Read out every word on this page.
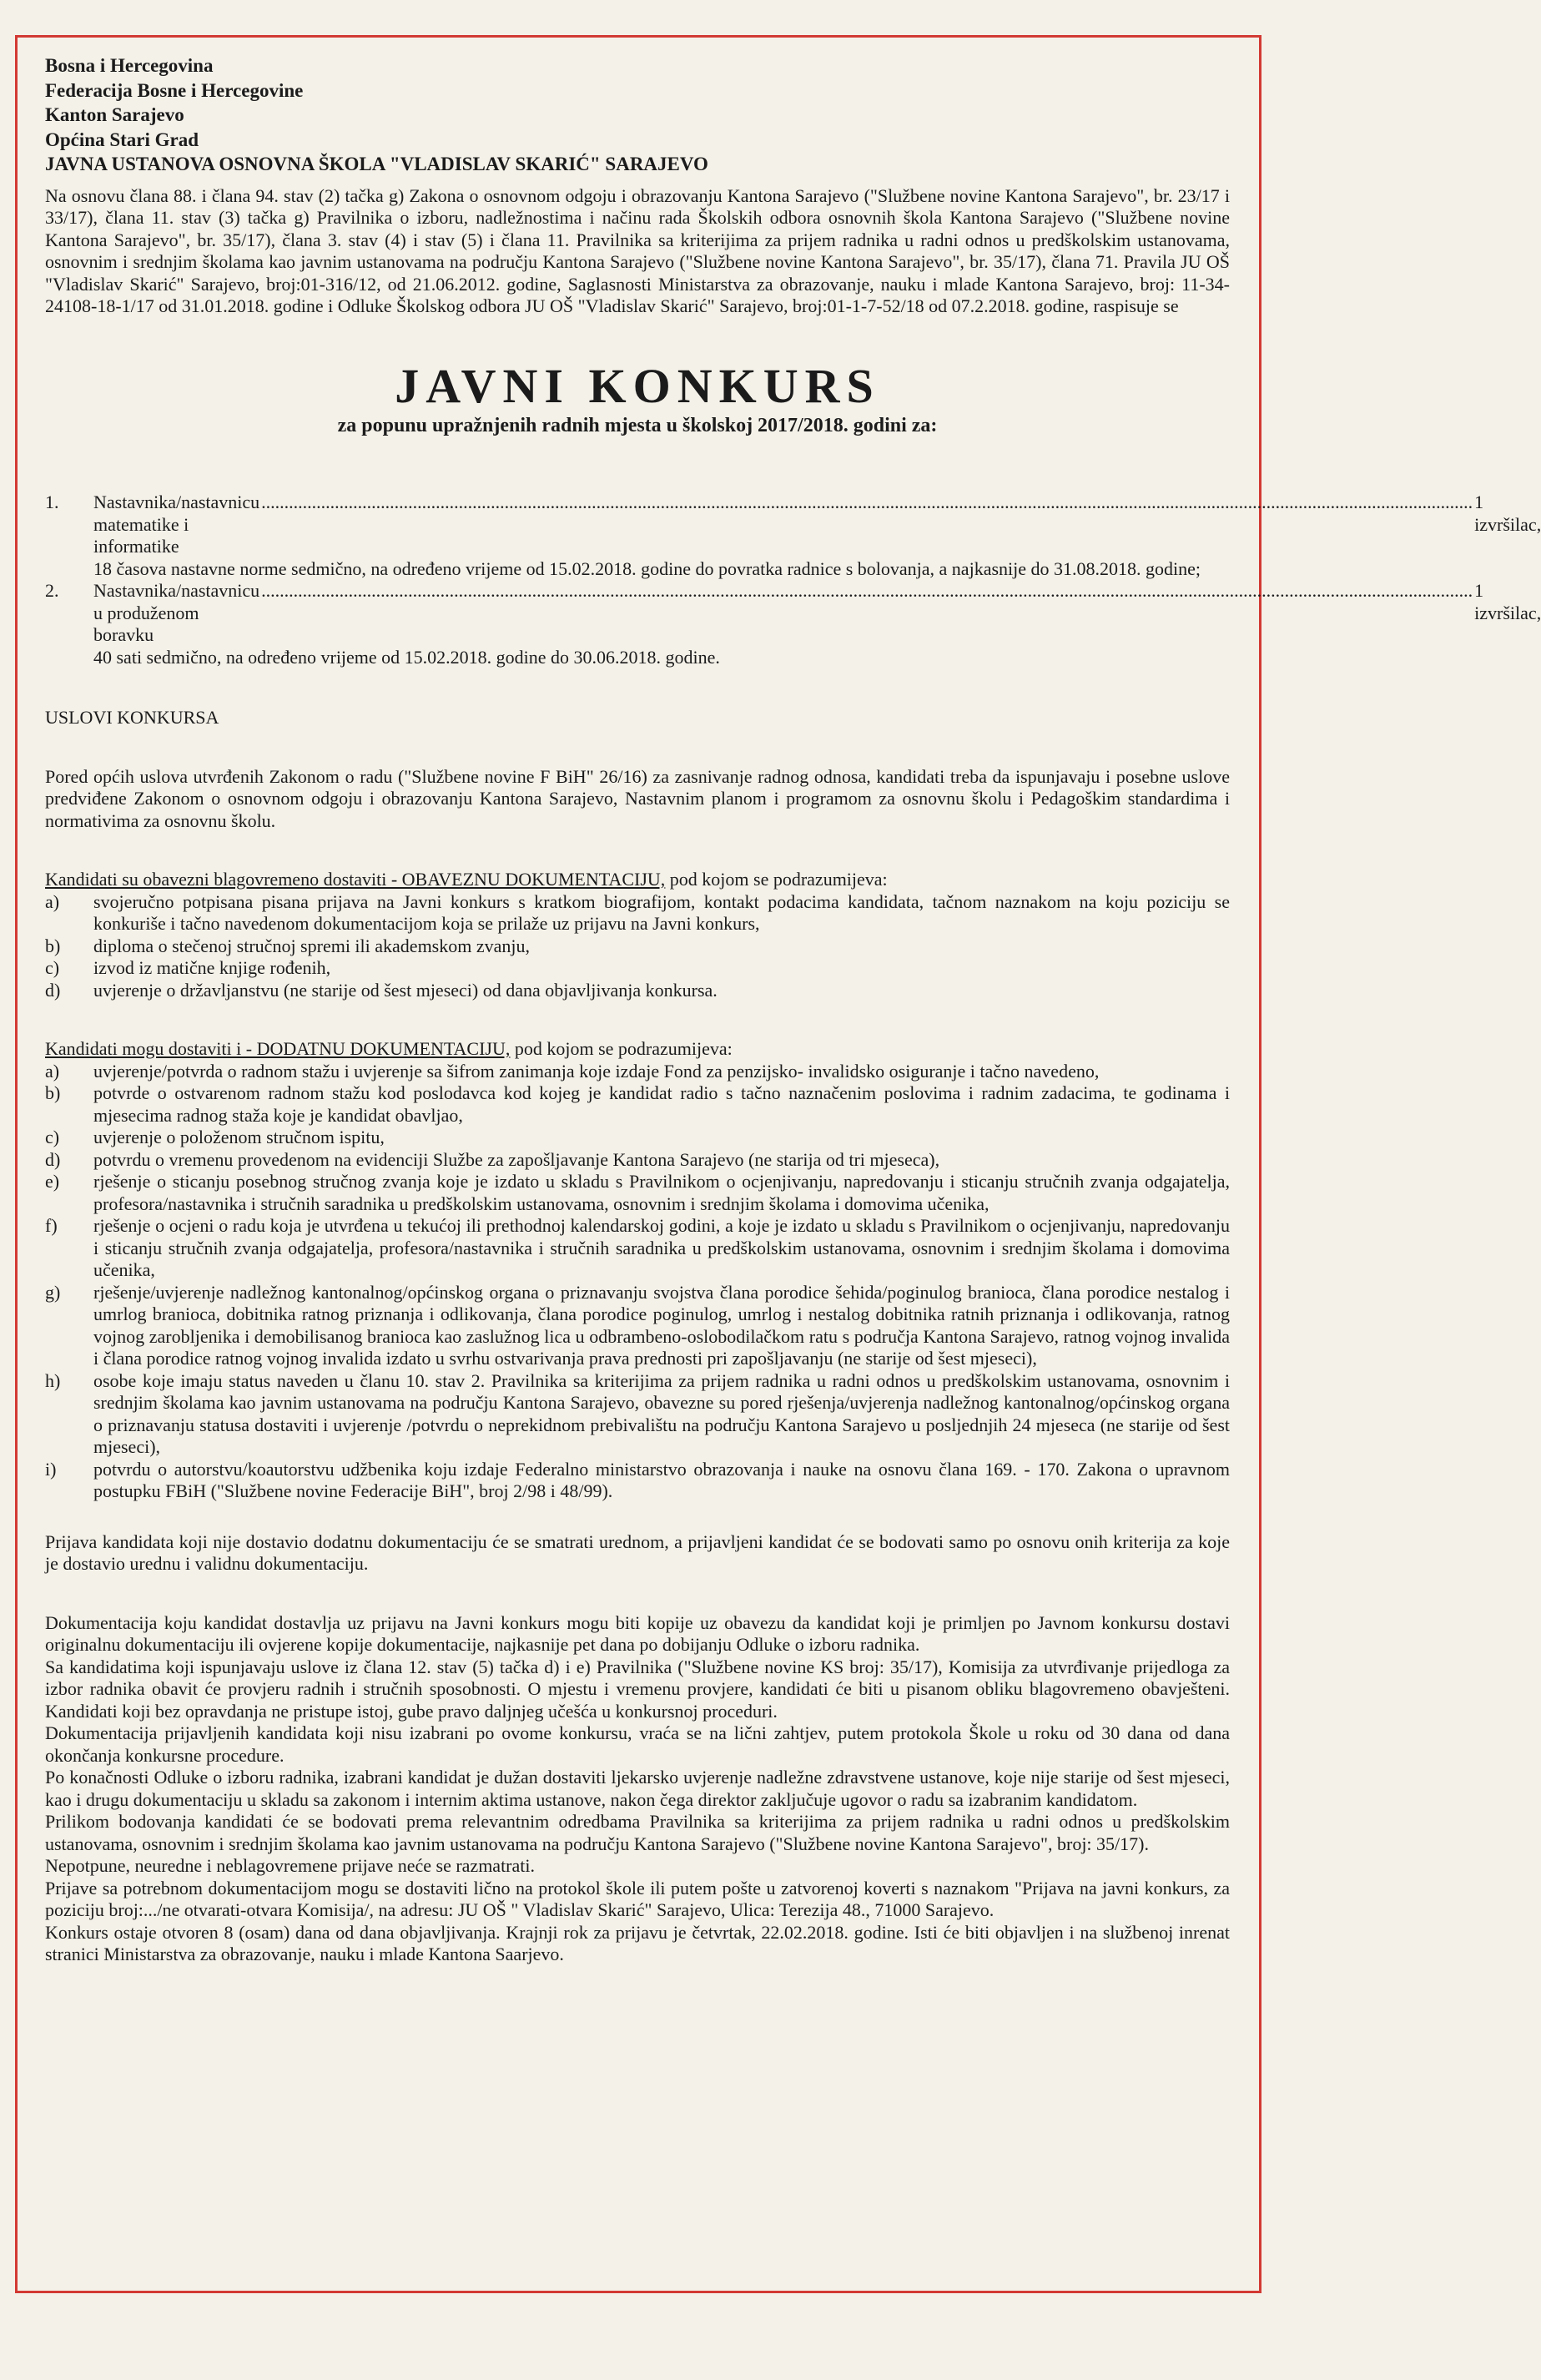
Bosna i Hercegovina
Federacija Bosne i Hercegovine
Kanton Sarajevo
Općina Stari Grad
JAVNA USTANOVA OSNOVNA ŠKOLA "VLADISLAV SKARIĆ" SARAJEVO

Na osnovu člana 88. i člana 94. stav (2) tačka g) Zakona o osnovnom odgoju i obrazovanju Kantona Sarajevo ("Službene novine Kantona Sarajevo", br. 23/17 i 33/17), člana 11. stav (3) tačka g) Pravilnika o izboru, nadležnostima i načinu rada Školskih odbora osnovnih škola Kantona Sarajevo ("Službene novine Kantona Sarajevo", br. 35/17), člana 3. stav (4) i stav (5) i člana 11. Pravilnika sa kriterijima za prijem radnika u radni odnos u predškolskim ustanovama, osnovnim i srednjim školama kao javnim ustanovama na području Kantona Sarajevo ("Službene novine Kantona Sarajevo", br. 35/17), člana 71. Pravila JU OŠ "Vladislav Skarić" Sarajevo, broj:01-316/12, od 21.06.2012. godine, Saglasnosti Ministarstva za obrazovanje, nauku i mlade Kantona Sarajevo, broj: 11-34-24108-18-1/17 od 31.01.2018. godine i Odluke Školskog odbora JU OŠ "Vladislav Skarić" Sarajevo, broj:01-1-7-52/18 od 07.2.2018. godine, raspisuje se

JAVNI KONKURS
za popunu upražnjenih radnih mjesta u školskoj 2017/2018. godini za:
1.	Nastavnika/nastavnicu matematike i informatike
.....
1 izvršilac,

18 časova nastavne norme sedmično, na određeno vrijeme od 15.02.2018. godine do povratka radnice s bolovanja, a najkasnije do 31.08.2018. godine;

2.	Nastavnika/nastavnicu u produženom boravku
.....
1 izvršilac,

40 sati sedmično, na određeno vrijeme od 15.02.2018. godine do 30.06.2018. godine.

USLOVI KONKURSA

Pored općih uslova utvrđenih Zakonom o radu ("Službene novine F BiH" 26/16) za zasnivanje radnog odnosa, kandidati treba da ispunjavaju i posebne uslove predviđene Zakonom o osnovnom odgoju i obrazovanju Kantona Sarajevo, Nastavnim planom i programom za osnovnu školu i Pedagoškim standardima i normativima za osnovnu školu.

Kandidati su obavezni blagovremeno dostaviti - OBAVEZNU DOKUMENTACIJU, pod kojom se podrazumijeva:
a)	svojeručno potpisana pisana prijava na Javni konkurs s kratkom biografijom, kontakt podacima kandidata, tačnom naznakom na koju poziciju se konkuriše i tačno navedenom dokumentacijom koja se prilaže uz prijavu na Javni konkurs,
b)	diploma o stečenoj stručnoj spremi ili akademskom zvanju,
c)	izvod iz matične knjige rođenih,
d)	uvjerenje o državljanstvu (ne starije od šest mjeseci) od dana objavljivanja konkursa.
Kandidati mogu dostaviti i - DODATNU DOKUMENTACIJU, pod kojom se podrazumijeva:
a)	uvjerenje/potvrda o radnom stažu i uvjerenje sa šifrom zanimanja koje izdaje Fond za penzijsko- invalidsko osiguranje i tačno navedeno,
b)	potvrde o ostvarenom radnom stažu kod poslodavca kod kojeg je kandidat radio s tačno naznačenim poslovima i radnim zadacima, te godinama i mjesecima radnog staža koje je kandidat obavljao,
c)	uvjerenje o položenom stručnom ispitu,
d)	potvrdu o vremenu provedenom na evidenciji Službe za zapošljavanje Kantona Sarajevo (ne starija od tri mjeseca),
e)	rješenje o sticanju posebnog stručnog zvanja koje je izdato u skladu s Pravilnikom o ocjenjivanju, napredovanju i sticanju stručnih zvanja odgajatelja, profesora/nastavnika i stručnih saradnika u predškolskim ustanovama, osnovnim i srednjim školama i domovima učenika,
f)	rješenje o ocjeni o radu koja je utvrđena u tekućoj ili prethodnoj kalendarskoj godini, a koje je izdato u skladu s Pravilnikom o ocjenjivanju, napredovanju i sticanju stručnih zvanja odgajatelja, profesora/nastavnika i stručnih saradnika u predškolskim ustanovama, osnovnim i srednjim školama i domovima učenika,
g)	rješenje/uvjerenje nadležnog kantonalnog/općinskog organa o priznavanju svojstva člana porodice šehida/poginulog branioca, člana porodice nestalog i umrlog branioca, dobitnika ratnog priznanja i odlikovanja, člana porodice poginulog, umrlog i nestalog dobitnika ratnih priznanja i odlikovanja, ratnog vojnog zarobljenika i demobilisanog branioca kao zaslužnog lica u odbrambeno-oslobodilačkom ratu s područja Kantona Sarajevo, ratnog vojnog invalida i člana porodice ratnog vojnog invalida izdato u svrhu ostvarivanja prava prednosti pri zapošljavanju (ne starije od šest mjeseci),
h)	osobe koje imaju status naveden u članu 10. stav 2. Pravilnika sa kriterijima za prijem radnika u radni odnos u predškolskim ustanovama, osnovnim i srednjim školama kao javnim ustanovama na području Kantona Sarajevo, obavezne su pored rješenja/uvjerenja nadležnog kantonalnog/općinskog organa o priznavanju statusa dostaviti i uvjerenje /potvrdu o neprekidnom prebivalištu na području Kantona Sarajevo u posljednjih 24 mjeseca (ne starije od šest mjeseci),
i)	potvrdu o autorstvu/koautorstvu udžbenika koju izdaje Federalno ministarstvo obrazovanja i nauke na osnovu člana 169. - 170. Zakona o upravnom postupku FBiH ("Službene novine Federacije BiH", broj 2/98 i 48/99).

Prijava kandidata koji nije dostavio dodatnu dokumentaciju će se smatrati urednom, a prijavljeni kandidat će se bodovati samo po osnovu onih kriterija za koje je dostavio urednu i validnu dokumentaciju.

Dokumentacija koju kandidat dostavlja uz prijavu na Javni konkurs mogu biti kopije uz obavezu da kandidat koji je primljen po Javnom konkursu dostavi originalnu dokumentaciju ili ovjerene kopije dokumentacije, najkasnije pet dana po dobijanju Odluke o izboru radnika.

Sa kandidatima koji ispunjavaju uslove iz člana 12. stav (5) tačka d) i e) Pravilnika ("Službene novine KS broj: 35/17), Komisija za utvrđivanje prijedloga za izbor radnika obavit će provjeru radnih i stručnih sposobnosti. O mjestu i vremenu provjere, kandidati će biti u pisanom obliku blagovremeno obavješteni. Kandidati koji bez opravdanja ne pristupe istoj, gube pravo daljnjeg učešća u konkursnoj proceduri.

Dokumentacija prijavljenih kandidata koji nisu izabrani po ovome konkursu, vraća se na lični zahtjev, putem protokola Škole u roku od 30 dana od dana okončanja konkursne procedure.

Po konačnosti Odluke o izboru radnika, izabrani kandidat je dužan dostaviti ljekarsko uvjerenje nadležne zdravstvene ustanove, koje nije starije od šest mjeseci, kao i drugu dokumentaciju u skladu sa zakonom i internim aktima ustanove, nakon čega direktor zaključuje ugovor o radu sa izabranim kandidatom.

Prilikom bodovanja kandidati će se bodovati prema relevantnim odredbama Pravilnika sa kriterijima za prijem radnika u radni odnos u predškolskim ustanovama, osnovnim i srednjim školama kao javnim ustanovama na području Kantona Sarajevo ("Službene novine Kantona Sarajevo", broj: 35/17).

Nepotpune, neuredne i neblagovremene prijave neće se razmatrati.

Prijave sa potrebnom dokumentacijom mogu se dostaviti lično na protokol škole ili putem pošte u zatvorenoj koverti s naznakom "Prijava na javni konkurs, za poziciju broj:.../ne otvarati-otvara Komisija/, na adresu: JU OŠ " Vladislav Skarić" Sarajevo, Ulica: Terezija 48., 71000 Sarajevo.

Konkurs ostaje otvoren 8 (osam) dana od dana objavljivanja. Krajnji rok za prijavu je četvrtak, 22.02.2018. godine. Isti će biti objavljen i na službenoj inrenat stranici Ministarstva za obrazovanje, nauku i mlade Kantona Saarjevo.
